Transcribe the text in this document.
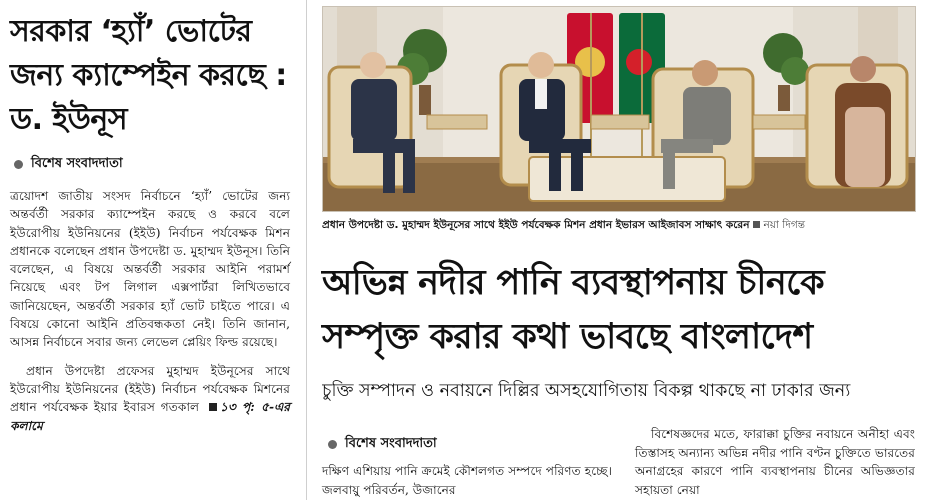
সরকার ‘হ্যাঁ’ ভোটের জন্য ক্যাম্পেইন করছে : ড. ইউনূস
বিশেষ সংবাদদাতা

ত্রয়োদশ জাতীয় সংসদ নির্বাচনে ‘হ্যাঁ’ ভোটের জন্য অন্তর্বর্তী সরকার ক্যাম্পেইন করছে ও করবে বলে ইউরোপীয় ইউনিয়নের (ইইউ) নির্বাচন পর্যবেক্ষক মিশন প্রধানকে বলেছেন প্রধান উপদেষ্টা ড. মুহাম্মদ ইউনূস। তিনি বলেছেন, এ বিষয়ে অন্তর্বর্তী সরকার আইনি পরামর্শ নিয়েছে এবং টপ লিগাল এক্সপার্টরা লিখিতভাবে জানিয়েছেন, অন্তর্বর্তী সরকার হ্যাঁ ভোট চাইতে পারে। এ বিষয়ে কোনো আইনি প্রতিবন্ধকতা নেই। তিনি জানান, আসন্ন নির্বাচনে সবার জন্য লেভেল প্লেয়িং ফিল্ড রয়েছে।

প্রধান উপদেষ্টা প্রফেসর মুহাম্মদ ইউনূসের সাথে ইউরোপীয় ইউনিয়নের (ইইউ) নির্বাচন পর্যবেক্ষক মিশনের প্রধান পর্যবেক্ষক ইয়ার ইবারস গতকাল ১৩ পৃ: ৫-এর কলামে

প্রধান উপদেষ্টা ড. মুহাম্মদ ইউনূসের সাথে ইইউ পর্যবেক্ষক মিশন প্রধান ইভারস আইজাবস সাক্ষাৎ করেন নয়া দিগন্ত
অভিন্ন নদীর পানি ব্যবস্থাপনায় চীনকে
সম্পৃক্ত করার কথা ভাবছে বাংলাদেশ
চুক্তি সম্পাদন ও নবায়নে দিল্লির অসহযোগিতায় বিকল্প থাকছে না ঢাকার জন্য
বিশেষ সংবাদদাতা
দক্ষিণ এশিয়ায় পানি ক্রমেই কৌশলগত সম্পদে পরিণত হচ্ছে। জলবায়ু পরিবর্তন, উজানের
বিশেষজ্ঞদের মতে, ফারাক্কা চুক্তির নবায়নে অনীহা এবং তিস্তাসহ অন্যান্য অভিন্ন নদীর পানি বণ্টন চুক্তিতে ভারতের অনাগ্রহের কারণে পানি ব্যবস্থাপনায় চীনের অভিজ্ঞতার সহায়তা নেয়া
